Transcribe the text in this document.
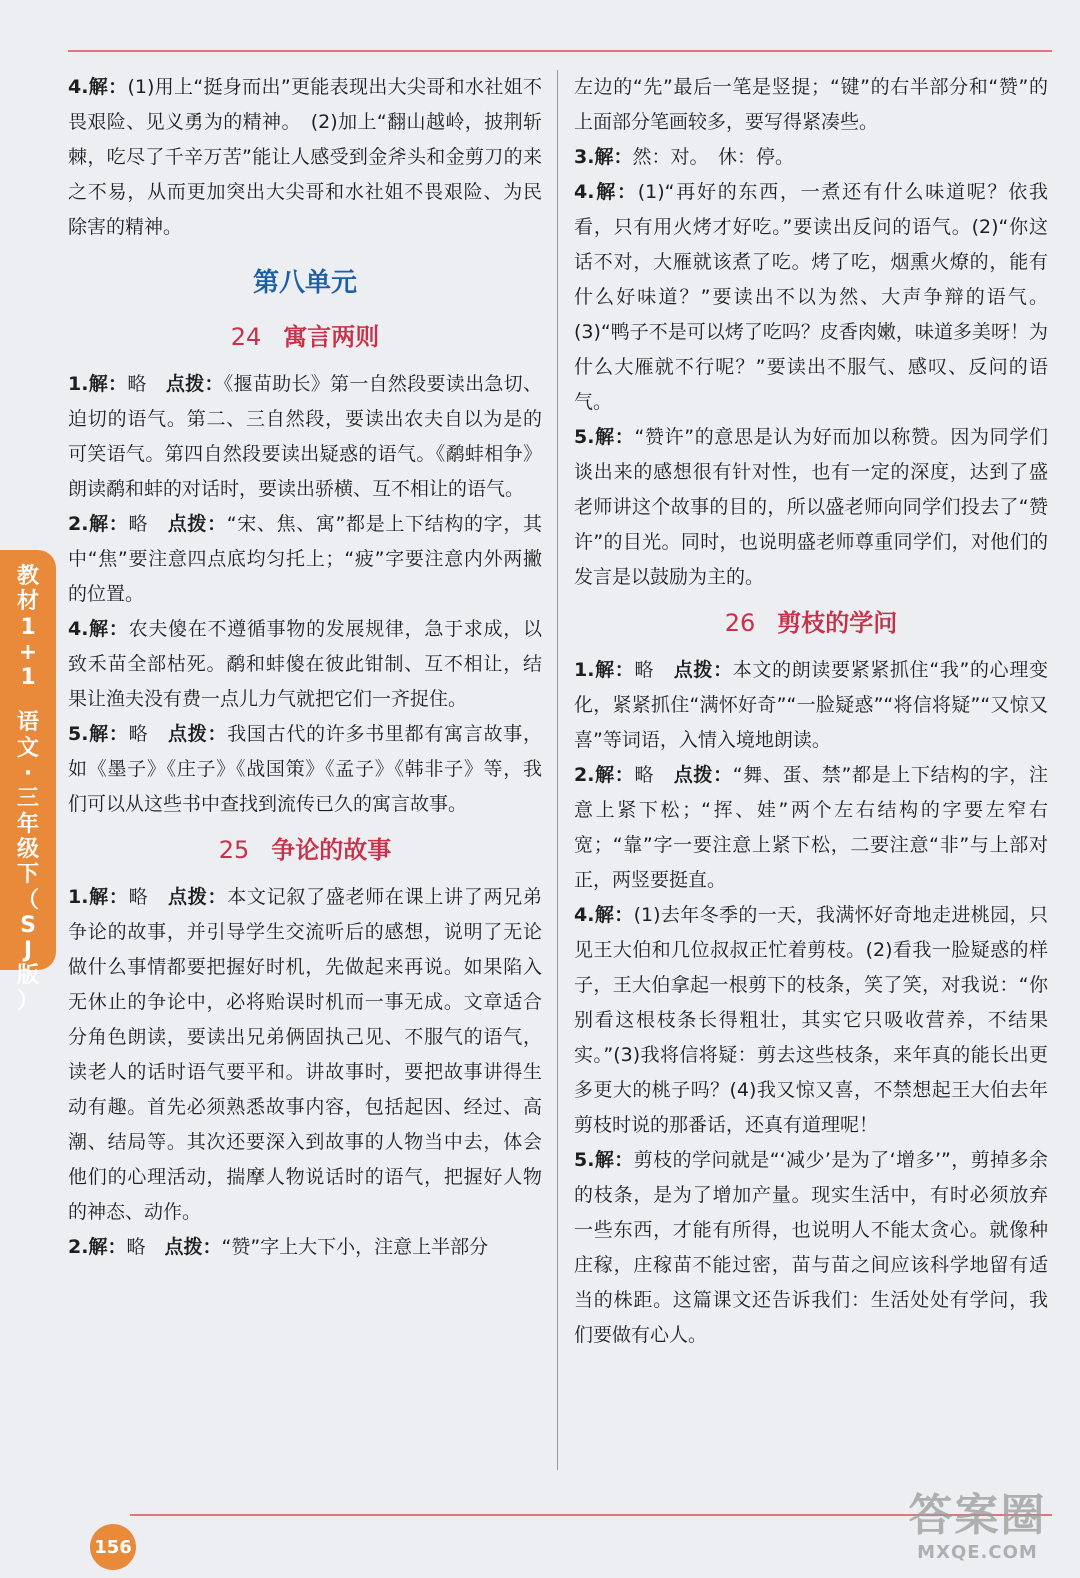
教
材
1
+
1
语
文
·
三
年
级
下
（
S
J
版
）

4.解：(1)用上“挺身而出”更能表现出大尖哥和水社姐不畏艰险、见义勇为的精神。　(2)加上“翻山越岭，披荆斩棘，吃尽了千辛万苦”能让人感受到金斧头和金剪刀的来之不易，从而更加突出大尖哥和水社姐不畏艰险、为民除害的精神。

第八单元
24 寓言两则

1.解：略　点拨：《揠苗助长》第一自然段要读出急切、迫切的语气。第二、三自然段，要读出农夫自以为是的可笑语气。第四自然段要读出疑惑的语气。《鹬蚌相争》朗读鹬和蚌的对话时，要读出骄横、互不相让的语气。

2.解：略　点拨：“宋、焦、寓”都是上下结构的字，其中“焦”要注意四点底均匀托上；“疲”字要注意内外两撇的位置。

4.解：农夫傻在不遵循事物的发展规律，急于求成，以致禾苗全部枯死。鹬和蚌傻在彼此钳制、互不相让，结果让渔夫没有费一点儿力气就把它们一齐捉住。

5.解：略　点拨：我国古代的许多书里都有寓言故事，如《墨子》《庄子》《战国策》《孟子》《韩非子》等，我们可以从这些书中查找到流传已久的寓言故事。

25 争论的故事

1.解：略　点拨：本文记叙了盛老师在课上讲了两兄弟争论的故事，并引导学生交流听后的感想，说明了无论做什么事情都要把握好时机，先做起来再说。如果陷入无休止的争论中，必将贻误时机而一事无成。文章适合分角色朗读，要读出兄弟俩固执己见、不服气的语气，读老人的话时语气要平和。讲故事时，要把故事讲得生动有趣。首先必须熟悉故事内容，包括起因、经过、高潮、结局等。其次还要深入到故事的人物当中去，体会他们的心理活动，揣摩人物说话时的语气，把握好人物的神态、动作。

2.解：略　点拨：“赞”字上大下小，注意上半部分

左边的“先”最后一笔是竖提；“键”的右半部分和“赞”的上面部分笔画较多，要写得紧凑些。

3.解：然：对。　休：停。

4.解：(1)“再好的东西，一煮还有什么味道呢？依我看，只有用火烤才好吃。”要读出反问的语气。(2)“你这话不对，大雁就该煮了吃。烤了吃，烟熏火燎的，能有什么好味道？”要读出不以为然、大声争辩的语气。(3)“鸭子不是可以烤了吃吗？皮香肉嫩，味道多美呀！为什么大雁就不行呢？”要读出不服气、感叹、反问的语气。

5.解：“赞许”的意思是认为好而加以称赞。因为同学们谈出来的感想很有针对性，也有一定的深度，达到了盛老师讲这个故事的目的，所以盛老师向同学们投去了“赞许”的目光。同时，也说明盛老师尊重同学们，对他们的发言是以鼓励为主的。

26 剪枝的学问

1.解：略　点拨：本文的朗读要紧紧抓住“我”的心理变化，紧紧抓住“满怀好奇”“一脸疑惑”“将信将疑”“又惊又喜”等词语，入情入境地朗读。

2.解：略　点拨：“舞、蛋、禁”都是上下结构的字，注意上紧下松；“挥、娃”两个左右结构的字要左窄右宽；“靠”字一要注意上紧下松，二要注意“非”与上部对正，两竖要挺直。

4.解：(1)去年冬季的一天，我满怀好奇地走进桃园，只见王大伯和几位叔叔正忙着剪枝。(2)看我一脸疑惑的样子，王大伯拿起一根剪下的枝条，笑了笑，对我说：“你别看这根枝条长得粗壮，其实它只吸收营养，不结果实。”(3)我将信将疑：剪去这些枝条，来年真的能长出更多更大的桃子吗？(4)我又惊又喜，不禁想起王大伯去年剪枝时说的那番话，还真有道理呢！

5.解：剪枝的学问就是“‘减少’是为了‘增多’”，剪掉多余的枝条，是为了增加产量。现实生活中，有时必须放弃一些东西，才能有所得，也说明人不能太贪心。就像种庄稼，庄稼苗不能过密，苗与苗之间应该科学地留有适当的株距。这篇课文还告诉我们：生活处处有学问，我们要做有心人。

156
答案圈
MXQE.COM
